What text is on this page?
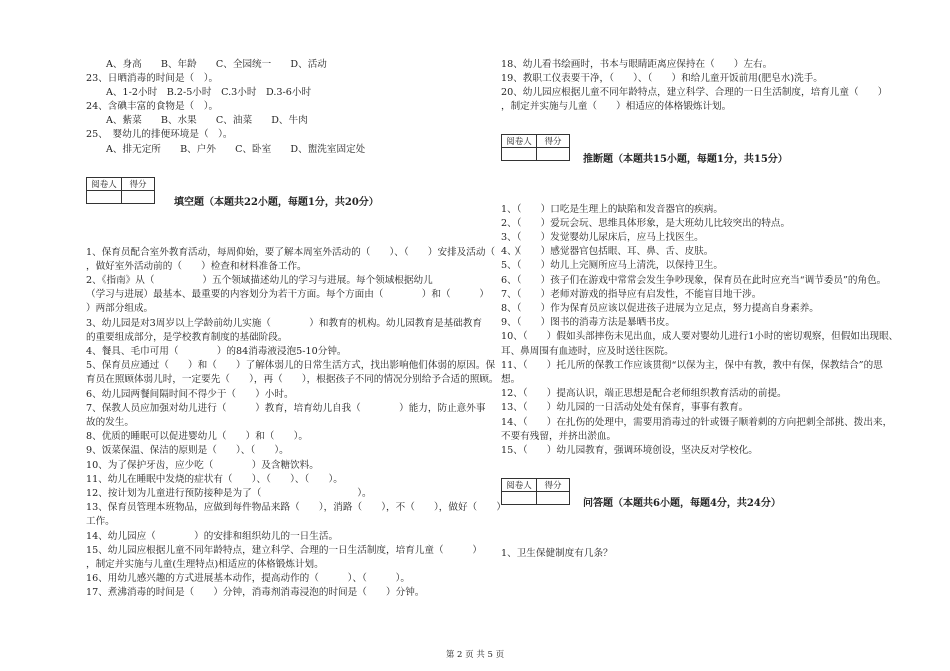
A、身高　　B、年龄　　C、全园统一　　D、活动
23、日晒消毒的时间是（　）。
A、1-2小时　B.2-5小时　C.3小时　D.3-6小时
24、含碘丰富的食物是（　）。
A、紫菜　　B、水果　　C、油菜　　D、牛肉
25、　婴幼儿的排便环境是（　）。
A、排无定所　　B、户外　　C、卧室　　D、盥洗室固定处
阅卷人	得分

填空题（本题共22小题，每题1分，共20分）
1、保育员配合室外教育活动，每周仰始，要了解本周室外活动的（　　）、（　　）安排及活动（　　）
，做好室外活动前的（　　）检查和材料准备工作。
2、《指南》从（　　　　　）五个领域描述幼儿的学习与进展。每个领域根据幼儿
（学习与进展）最基本、最重要的内容划分为若干方面。每个方面由（　　　　）和（　　　）
）两部分组成。
3、幼儿园是对3周岁以上学龄前幼儿实施（　　　　）和教育的机构。幼儿园教育是基础教育
的重要组成部分，是学校教育制度的基础阶段。
4、餐具、毛巾可用（　　　　）的84消毒液浸泡5-10分钟。
5、保育员应通过（　　）和（　　）了解体弱儿的日常生活方式，找出影响他们体弱的原因。保
育员在照顾体弱儿时，一定要先（　　），再（　　），根据孩子不同的情况分别给予合适的照顾。
6、幼儿园两餐间隔时间不得少于（　　）小时。
7、保教人员应加强对幼儿进行（　　　）教育，培育幼儿自我（　　　　）能力，防止意外事
故的发生。
8、优质的睡眠可以促进婴幼儿（　　）和（　　）。
9、饭菜保温、保洁的原则是（　　）、（　　）。
10、为了保护牙齿，应少吃（　　　　）及含糖饮料。
11、幼儿在睡眠中发烧的症状有（　　）、（　　）、（　　）。
12、按计划为儿童进行预防接种是为了（　　　　　　　　　　）。
13、保育员管理本班物品，应做到每件物品来路（　　），消路（　　），不（　　），做好（　　）
工作。
14、幼儿园应（　　　　）的安排和组织幼儿的一日生活。
15、幼儿园应根据儿童不同年龄特点，建立科学、合理的一日生活制度，培育儿童（　　　）
，制定并实施与儿童(生理特点)相适应的体格锻炼计划。
16、用幼儿感兴趣的方式进展基本动作，提高动作的（　　　）、（　　　）。
17、煮沸消毒的时间是（　　）分钟，消毒剂消毒浸泡的时间是（　　）分钟。
18、幼儿看书绘画时，书本与眼睛距离应保持在（　　）左右。
19、教职工仪表要干净，（　　）、（　　）和给儿童开饭前用(肥皂水)洗手。
20、幼儿园应根据儿童不同年龄特点，建立科学、合理的一日生活制度，培育儿童（　　）
，制定并实施与儿童（　　）相适应的体格锻炼计划。
阅卷人	得分

推断题（本题共15小题，每题1分，共15分）
1、（　　）口吃是生理上的缺陷和发音器官的疾病。
2、（　　）爱玩会玩、思维具体形象，是大班幼儿比较突出的特点。
3、（　　）发觉婴幼儿尿床后，应马上找医生。
4、（　　）感觉器官包括眼、耳、鼻、舌、皮肤。
5、（　　）幼儿上完厕所应马上清洗，以保持卫生。
6、（　　）孩子们在游戏中常常会发生争吵现象，保育员在此时应充当“调节委员”的角色。
7、（　　）老师对游戏的指导应有启发性，不能盲目地干涉。
8、（　　）作为保育员应该以促进孩子进展为立足点，努力提高自身素养。
9、（　　）图书的消毒方法是暴晒书皮。
10、（　　）假如头部摔伤未见出血，成人要对婴幼儿进行1小时的密切观察，但假如出现眼、
耳、鼻周围有血迹时，应及时送往医院。
11、（　　）托儿所的保教工作应该贯彻“以保为主，保中有教，教中有保，保教结合”的思
想。
12、（　　）提高认识，端正思想是配合老师组织教育活动的前提。
13、（　　）幼儿园的一日活动处处有保育，事事有教育。
14、（　　）在扎伤的处理中，需要用消毒过的针或镊子顺着刺的方向把刺全部挑、拨出来，
不要有残留，并挤出淤血。
15、（　　）幼儿园教育，强调环境创设，坚决反对学校化。
阅卷人	得分

问答题（本题共6小题，每题4分，共24分）
1、卫生保健制度有几条？
第 2 页 共 5 页
